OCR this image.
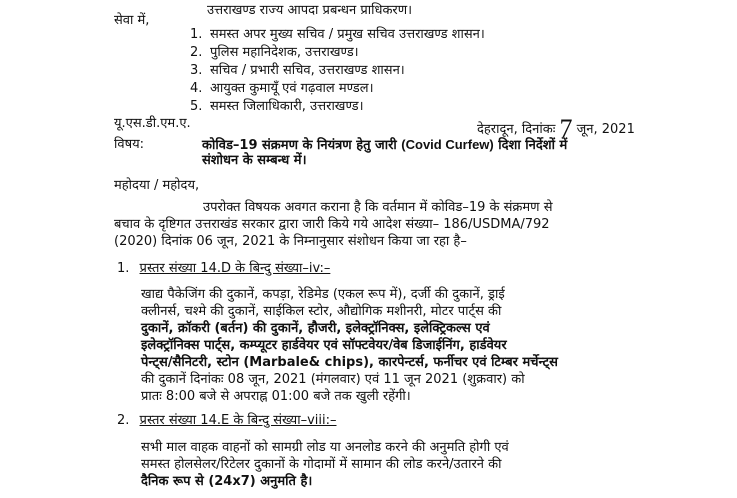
उत्तराखण्ड राज्य आपदा प्रबन्धन प्राधिकरण।
सेवा में,
1. समस्त अपर मुख्य सचिव / प्रमुख सचिव उत्तराखण्ड शासन।
2. पुलिस महानिदेशक, उत्तराखण्ड।
3. सचिव / प्रभारी सचिव, उत्तराखण्ड शासन।
4. आयुक्त कुमायूँ एवं गढ़वाल मण्डल।
5. समस्त जिलाधिकारी, उत्तराखण्ड।
यू.एस.डी.एम.ए.	देहरादून, दिनांकः 7 जून, 2021
विषय:	कोविड–19 संक्रमण के नियंत्रण हेतु जारी (Covid Curfew) दिशा निर्देशों में
संशोधन के सम्बन्ध में।
महोदया / महोदय,
उपरोक्त विषयक अवगत कराना है कि वर्तमान में कोविड–19 के संक्रमण से
बचाव के दृष्टिगत उत्तराखंड सरकार द्वारा जारी किये गये आदेश संख्या– 186/USDMA/792
(2020) दिनांक 06 जून, 2021 के निम्नानुसार संशोधन किया जा रहा है–
1. प्रस्तर संख्या 14.D के बिन्दु संख्या–iv:–
खाद्य पैकेजिंग की दुकानें, कपड़ा, रेडिमेड (एकल रूप में), दर्जी की दुकानें, ड्राई
क्लीनर्स, चश्मे की दुकानें, साईकिल स्टोर, औद्योगिक मशीनरी, मोटर पार्ट्स की
दुकानें, क्रॉकरी (बर्तन) की दुकानें, हौजरी, इलेक्ट्रॉनिक्स, इलेक्ट्रिकल्स एवं
इलेक्ट्रॉनिक्स पार्ट्स, कम्प्यूटर हार्डवेयर एवं सॉफ्टवेयर/वेब डिजाईनिंग, हार्डवेयर
पेन्ट्स/सैनिटरी, स्टोन (Marbale& chips), कारपेन्टर्स, फर्नीचर एवं टिम्बर मर्चेन्ट्स
की दुकानें दिनांकः 08 जून, 2021 (मंगलवार) एवं 11 जून 2021 (शुक्रवार) को
प्रातः 8:00 बजे से अपराह्न 01:00 बजे तक खुली रहेंगी।
2. प्रस्तर संख्या 14.E के बिन्दु संख्या–viii:–
सभी माल वाहक वाहनों को सामग्री लोड या अनलोड करने की अनुमति होगी एवं
समस्त होलसेलर/रिटेलर दुकानों के गोदामों में सामान की लोड करने/उतारने की
दैनिक रूप से (24x7) अनुमति है।
